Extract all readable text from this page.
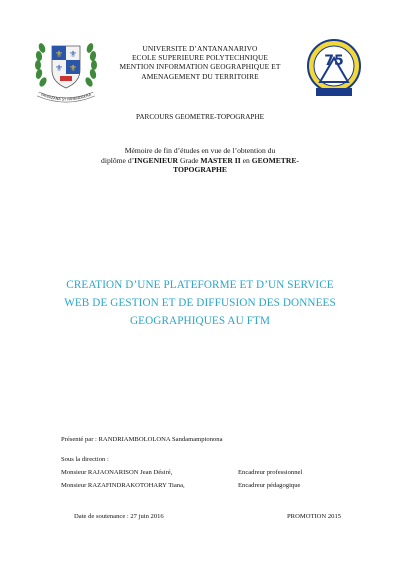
⚜ ⚜
⚜ ⚜
FAHAIZANA SY FAHENDRENA
75
UNIVERSITE D’ANTANANARIVO
ECOLE SUPERIEURE POLYTECHNIQUE
MENTION INFORMATION GEOGRAPHIQUE ET
AMENAGEMENT DU TERRITOIRE
PARCOURS GEOMETRE-TOPOGRAPHE
Mémoire de fin d’études en vue de l’obtention du
diplôme d’INGENIEUR Grade MASTER II en GEOMETRE-
TOPOGRAPHE
CREATION D’UNE PLATEFORME ET D’UN SERVICE
WEB DE GESTION ET DE DIFFUSION DES DONNEES
GEOGRAPHIQUES AU FTM
Présenté par : RANDRIAMBOLOLONA Sandamampionona
Sous la direction :
Monsieur RAJAONARISON Jean Désiré,	Encadreur professionnel
Monsieur RAZAFINDRAKOTOHARY Tiana,	Encadreur pédagogique
Date de soutenance : 27 juin 2016	PROMOTION 2015
